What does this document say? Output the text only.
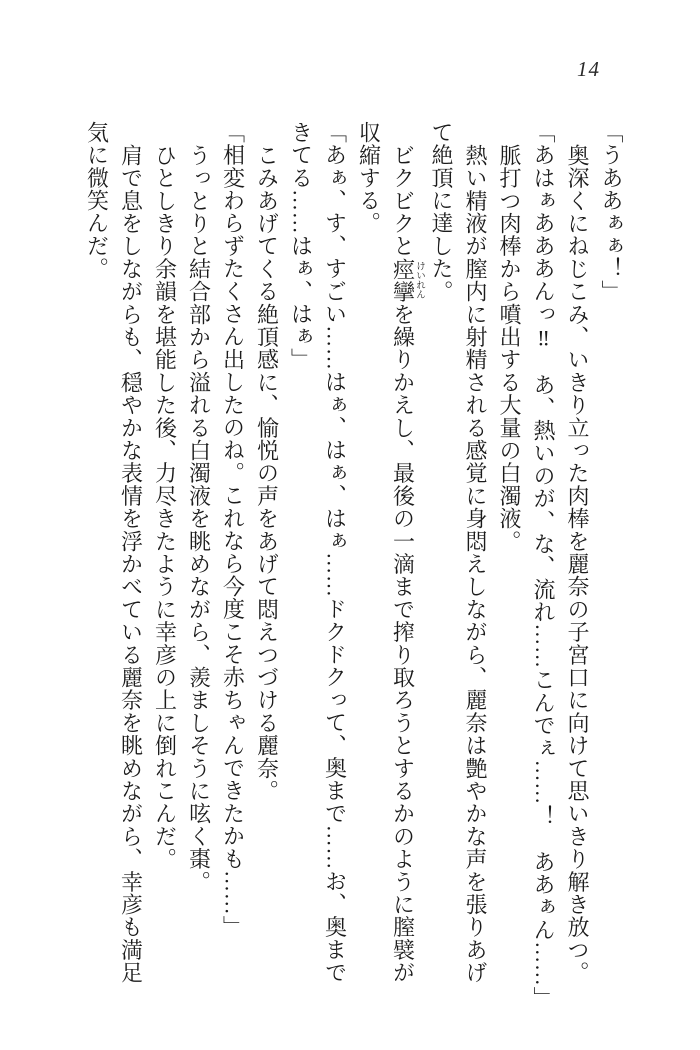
14
「うああぁぁ！」
奥深くにねじこみ、いきり立った肉棒を麗奈の子宮口に向けて思いきり解き放つ。
「あはぁあああんっ‼　あ、熱いのが、な、流れ……こんでぇ……！　ああぁん……」
脈打つ肉棒から噴出する大量の白濁液。
熱い精液が膣内に射精される感覚に身悶えしながら、麗奈は艶やかな声を張りあげ
て絶頂に達した。
ビクビクと痙攣けいれんを繰りかえし、最後の一滴まで搾り取ろうとするかのように膣襞が
収縮する。
「あぁ、す、すごい……はぁ、はぁ、はぁ……ドクドクって、奥まで……お、奥まで
きてる……はぁ、はぁ」
こみあげてくる絶頂感に、愉悦の声をあげて悶えつづける麗奈。
「相変わらずたくさん出したのね。これなら今度こそ赤ちゃんできたかも……」
うっとりと結合部から溢れる白濁液を眺めながら、羨ましそうに呟く棗。
ひとしきり余韻を堪能した後、力尽きたように幸彦の上に倒れこんだ。
肩で息をしながらも、穏やかな表情を浮かべている麗奈を眺めながら、幸彦も満足
気に微笑んだ。
